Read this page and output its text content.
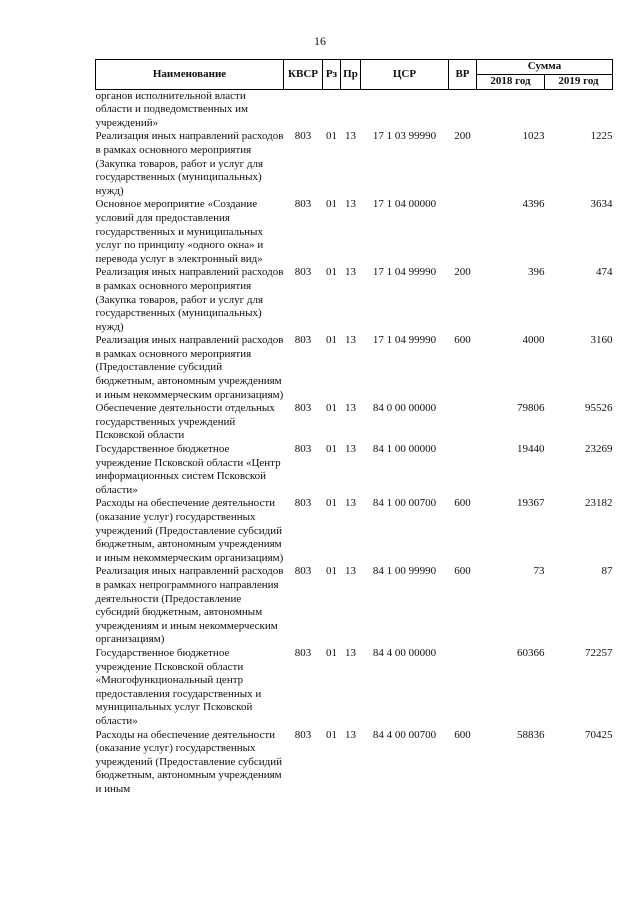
16
Наименование	КВСР	Рз	Пр	ЦСР	ВР	Сумма	
						2018 год	2019 год
органов исполнительной власти области и подведомственных им учреждений»							
Реализация иных направлений расходов в рамках основного мероприятия (Закупка товаров, работ и услуг для государственных (муниципальных) нужд)	803	01	13	17 1 03 99990	200	1023	1225
Основное мероприятие «Создание условий для предоставления государственных и муниципальных услуг по принципу «одного окна» и перевода услуг в электронный вид»	803	01	13	17 1 04 00000		4396	3634
Реализация иных направлений расходов в рамках основного мероприятия (Закупка товаров, работ и услуг для государственных (муниципальных) нужд)	803	01	13	17 1 04 99990	200	396	474
Реализация иных направлений расходов в рамках основного мероприятия (Предоставление субсидий бюджетным, автономным учреждениям и иным некоммерческим организациям)	803	01	13	17 1 04 99990	600	4000	3160
Обеспечение деятельности отдельных государственных учреждений Псковской области	803	01	13	84 0 00 00000		79806	95526
Государственное бюджетное учреждение Псковской области «Центр информационных систем Псковской области»	803	01	13	84 1 00 00000		19440	23269
Расходы на обеспечение деятельности (оказание услуг) государственных учреждений (Предоставление субсидий бюджетным, автономным учреждениям и иным некоммерческим организациям)	803	01	13	84 1 00 00700	600	19367	23182
Реализация иных направлений расходов в рамках непрограммного направления деятельности (Предоставление субсидий бюджетным, автономным учреждениям и иным некоммерческим организациям)	803	01	13	84 1 00 99990	600	73	87
Государственное бюджетное учреждение Псковской области «Многофункциональный центр предоставления государственных и муниципальных услуг Псковской области»	803	01	13	84 4 00 00000		60366	72257
Расходы на обеспечение деятельности (оказание услуг) государственных учреждений (Предоставление субсидий бюджетным, автономным учреждениям и иным	803	01	13	84 4 00 00700	600	58836	70425
